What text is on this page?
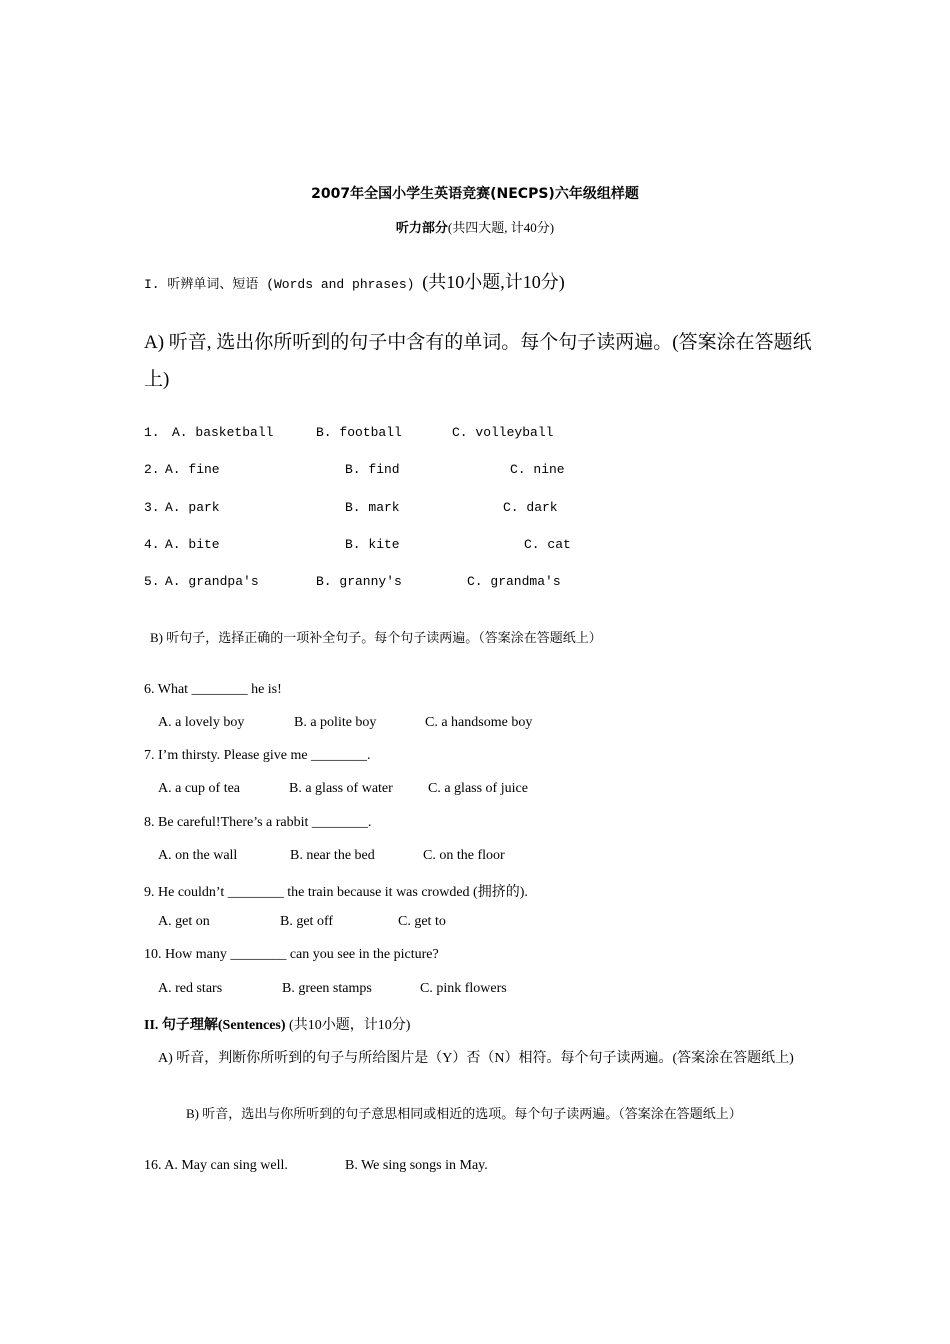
2007年全国小学生英语竞赛(NECPS)六年级组样题
听力部分(共四大题, 计40分)
I. 听辨单词、短语 (Words and phrases) (共10小题,计10分)
A) 听音, 选出你所听到的句子中含有的单词。每个句子读两遍。(答案涂在答题纸上)
1. A. basketball	B. football	C. volleyball
2. A. fine	B. find	C. nine
3. A. park	B. mark	C. dark
4. A. bite	B. kite	C. cat
5. A. grandpa's	B. granny's	C. grandma's
B) 听句子，选择正确的一项补全句子。每个句子读两遍。（答案涂在答题纸上）
6. What ________ he is!
A. a lovely boy	B. a polite boy	C. a handsome boy
7. I’m thirsty. Please give me ________.
A. a cup of tea	B. a glass of water	C. a glass of juice
8. Be careful!There’s a rabbit ________.
A. on the wall	B. near the bed	C. on the floor
9. He couldn’t ________ the train because it was crowded (拥挤的).
A. get on	B. get off	C. get to
10. How many ________ can you see in the picture?
A. red stars	B. green stamps	C. pink flowers
II. 句子理解(Sentences) (共10小题，计10分)
A) 听音，判断你所听到的句子与所给图片是（Y）否（N）相符。每个句子读两遍。(答案涂在答题纸上)
B) 听音，选出与你所听到的句子意思相同或相近的选项。每个句子读两遍。（答案涂在答题纸上）
16. A. May can sing well.	B. We sing songs in May.
